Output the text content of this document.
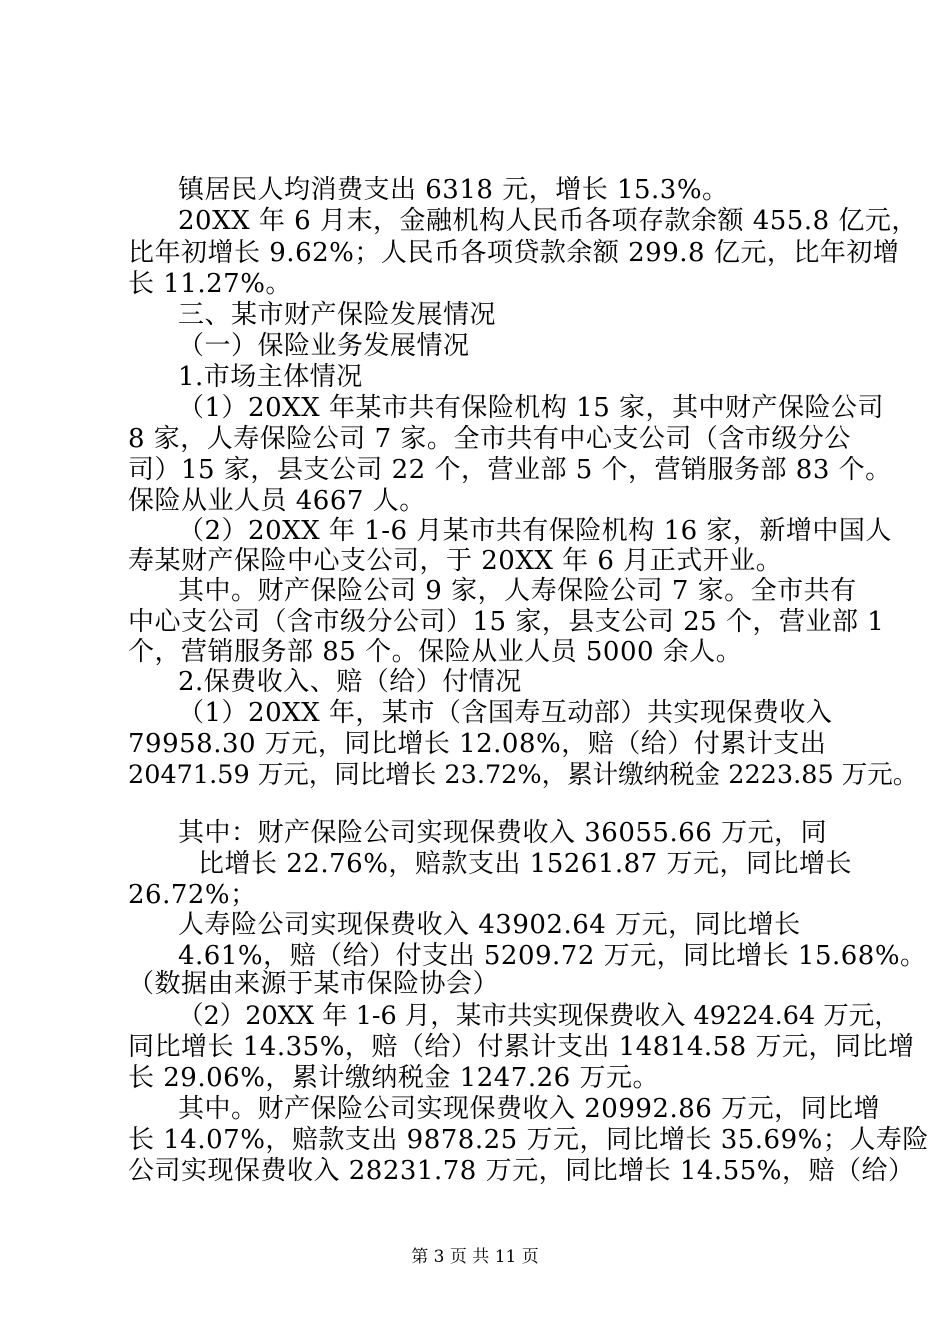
镇居民人均消费支出 6318 元，增长 15.3%。
20XX 年 6 月末，金融机构人民币各项存款余额 455.8 亿元，
比年初增长 9.62%；人民币各项贷款余额 299.8 亿元，比年初增
长 11.27%。
三、某市财产保险发展情况
（一）保险业务发展情况
1.市场主体情况
（1）20XX 年某市共有保险机构 15 家，其中财产保险公司
8 家，人寿保险公司 7 家。全市共有中心支公司（含市级分公
司）15 家，县支公司 22 个，营业部 5 个，营销服务部 83 个。
保险从业人员 4667 人。
（2）20XX 年 1-6 月某市共有保险机构 16 家，新增中国人
寿某财产保险中心支公司，于 20XX 年 6 月正式开业。
其中。财产保险公司 9 家，人寿保险公司 7 家。全市共有
中心支公司（含市级分公司）15 家，县支公司 25 个，营业部 1
个，营销服务部 85 个。保险从业人员 5000 余人。
2.保费收入、赔（给）付情况
（1）20XX 年，某市（含国寿互动部）共实现保费收入
79958.30 万元，同比增长 12.08%，赔（给）付累计支出
20471.59 万元，同比增长 23.72%，累计缴纳税金 2223.85 万元。
其中：财产保险公司实现保费收入 36055.66 万元，同
比增长 22.76%，赔款支出 15261.87 万元，同比增长
26.72%；
人寿险公司实现保费收入 43902.64 万元，同比增长
4.61%，赔（给）付支出 5209.72 万元，同比增长 15.68%。
（数据由来源于某市保险协会）
（2）20XX 年 1-6 月，某市共实现保费收入 49224.64 万元，
同比增长 14.35%，赔（给）付累计支出 14814.58 万元，同比增
长 29.06%，累计缴纳税金 1247.26 万元。
其中。财产保险公司实现保费收入 20992.86 万元，同比增
长 14.07%，赔款支出 9878.25 万元，同比增长 35.69%；人寿险
公司实现保费收入 28231.78 万元，同比增长 14.55%，赔（给）
第 3 页 共 11 页
